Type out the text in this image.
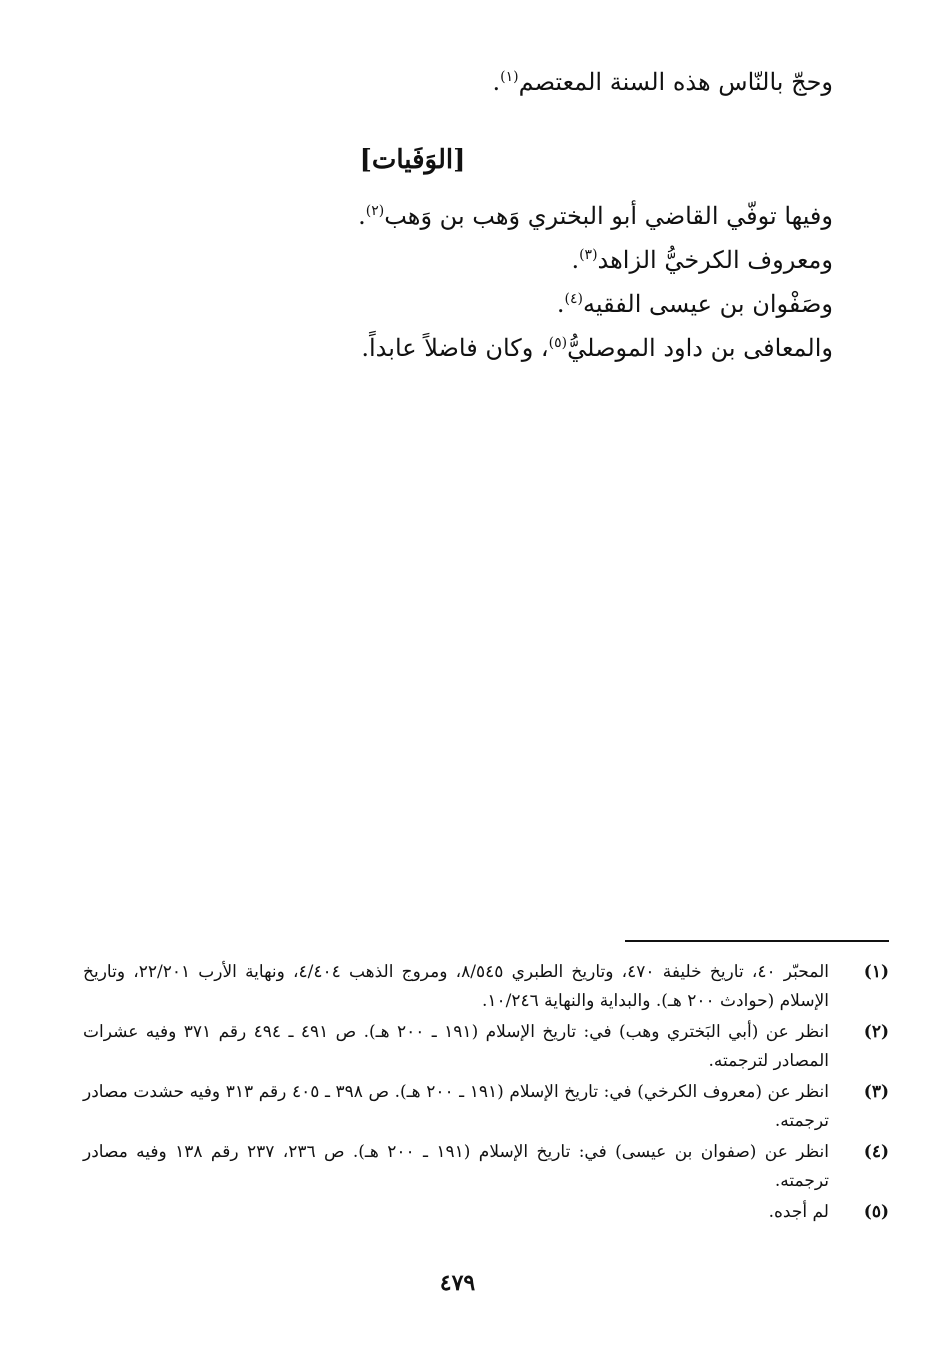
وحجّ بالنّاس هذه السنة المعتصم$^{(١)}$.
[الوَفَيات]
وفيها توفّي القاضي أبو البختري وَهب بن وَهب$^{(٢)}$.
ومعروف الكرخيُّ الزاهد$^{(٣)}$.
وصَفْوان بن عيسى الفقيه$^{(٤)}$.
والمعافى بن داود الموصليُّ$^{(٥)}$، وكان فاضلاً عابداً.
(١)
المحبّر ٤٠، تاريخ خليفة ٤٧٠، وتاريخ الطبري ٨/٥٤٥، ومروج الذهب ٤/٤٠٤، ونهاية الأرب ٢٢/٢٠١، وتاريخ الإسلام (حوادث ٢٠٠ هـ). والبداية والنهاية ١٠/٢٤٦.
(٢)
انظر عن (أبي البَختري وهب) في: تاريخ الإسلام (١٩١ ـ ٢٠٠ هـ). ص ٤٩١ ـ ٤٩٤ رقم ٣٧١ وفيه عشرات المصادر لترجمته.
(٣)
انظر عن (معروف الكرخي) في: تاريخ الإسلام (١٩١ ـ ٢٠٠ هـ). ص ٣٩٨ ـ ٤٠٥ رقم ٣١٣ وفيه حشدت مصادر ترجمته.
(٤)
انظر عن (صفوان بن عيسى) في: تاريخ الإسلام (١٩١ ـ ٢٠٠ هـ). ص ٢٣٦، ٢٣٧ رقم ١٣٨ وفيه مصادر ترجمته.
(٥)
لم أجده.
٤٧٩
